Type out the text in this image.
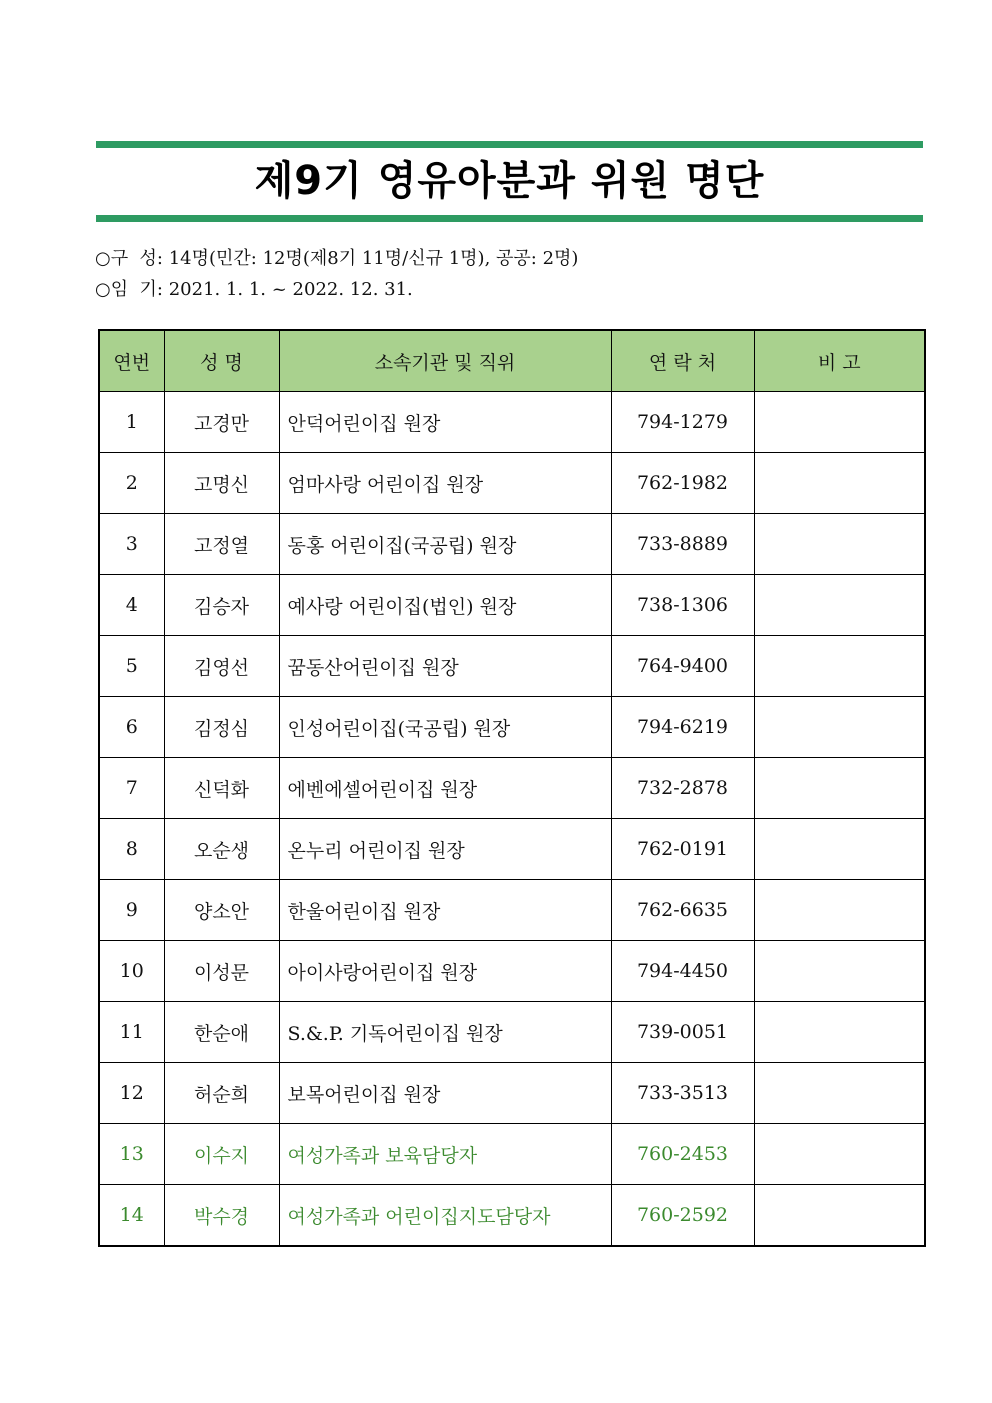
제9기 영유아분과 위원 명단
○구  성: 14명(민간: 12명(제8기 11명/신규 1명), 공공: 2명)
○임  기: 2021. 1. 1. ~ 2022. 12. 31.
연번	성 명	소속기관 및 직위	연 락 처	비 고
1	고경만	안덕어린이집 원장	794-1279	
2	고명신	엄마사랑 어린이집 원장	762-1982	
3	고정열	동홍 어린이집(국공립) 원장	733-8889	
4	김승자	예사랑 어린이집(법인) 원장	738-1306	
5	김영선	꿈동산어린이집 원장	764-9400	
6	김정심	인성어린이집(국공립) 원장	794-6219	
7	신덕화	에벤에셀어린이집 원장	732-2878	
8	오순생	온누리 어린이집 원장	762-0191	
9	양소안	한울어린이집 원장	762-6635	
10	이성문	아이사랑어린이집 원장	794-4450	
11	한순애	S.&.P. 기독어린이집 원장	739-0051	
12	허순희	보목어린이집 원장	733-3513	
13	이수지	여성가족과 보육담당자	760-2453	
14	박수경	여성가족과 어린이집지도담당자	760-2592	
